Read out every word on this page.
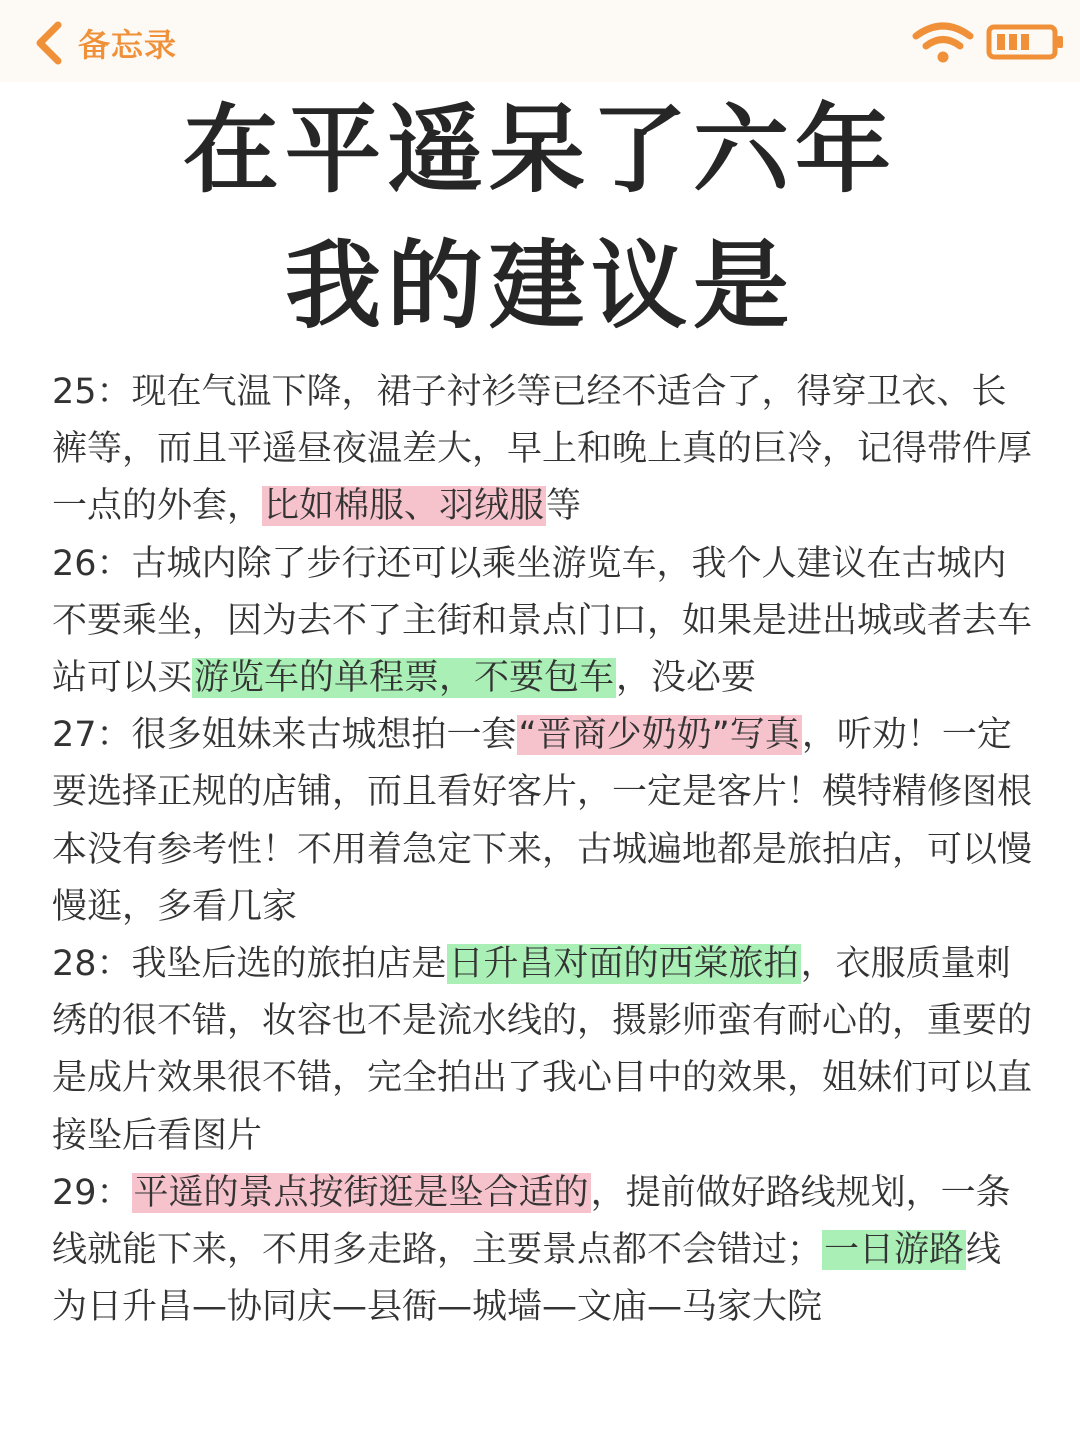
备忘录
在平遥呆了六年
我的建议是

25：现在气温下降，裙子衬衫等已经不适合了，得穿卫衣、长裤等，而且平遥昼夜温差大，早上和晚上真的巨冷，记得带件厚一点的外套，比如棉服、羽绒服等

26：古城内除了步行还可以乘坐游览车，我个人建议在古城内不要乘坐，因为去不了主街和景点门口，如果是进出城或者去车站可以买游览车的单程票，不要包车，没必要

27：很多姐妹来古城想拍一套“晋商少奶奶”写真，听劝！一定要选择正规的店铺，而且看好客片，一定是客片！模特精修图根本没有参考性！不用着急定下来，古城遍地都是旅拍店，可以慢慢逛，多看几家

28：我坠后选的旅拍店是日升昌对面的西棠旅拍，衣服质量刺绣的很不错，妆容也不是流水线的，摄影师蛮有耐心的，重要的是成片效果很不错，完全拍出了我心目中的效果，姐妹们可以直接坠后看图片

29：平遥的景点按街逛是坠合适的，提前做好路线规划，一条线就能下来，不用多走路，主要景点都不会错过；一日游路线为日升昌—协同庆—县衙—城墙—文庙—马家大院
